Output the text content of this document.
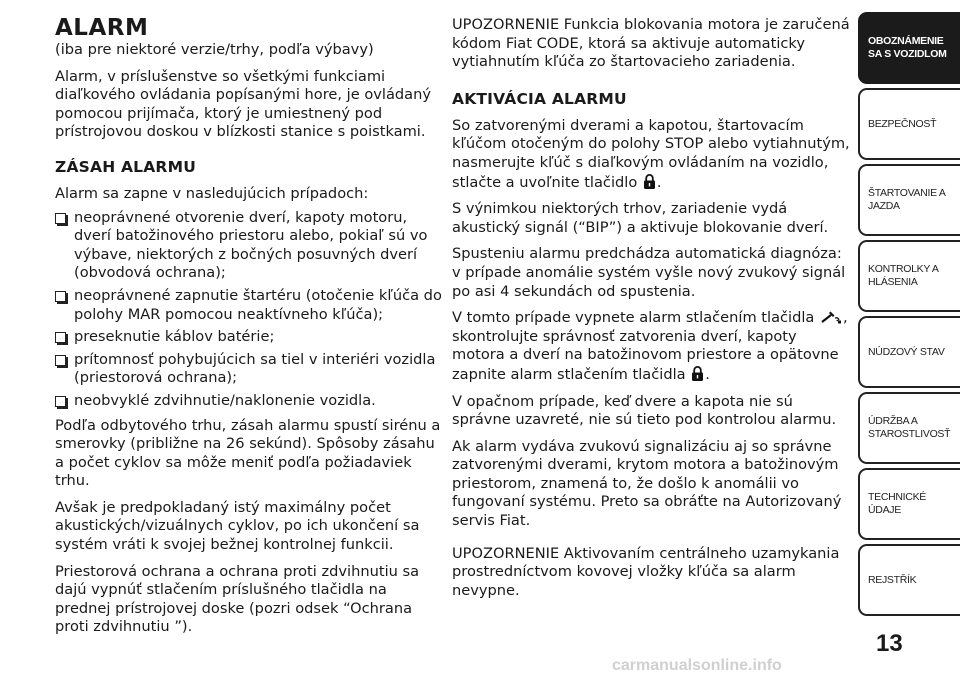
ALARM

(iba pre niektoré verzie/trhy, podľa výbavy)

Alarm, v príslušenstve so všetkými funkciami diaľkového ovládania popísanými hore, je ovládaný pomocou prijímača, ktorý je umiestnený pod prístrojovou doskou v blízkosti stanice s poistkami.

ZÁSAH ALARMU

Alarm sa zapne v nasledujúcich prípadoch:

neoprávnené otvorenie dverí, kapoty motoru, dverí batožinového priestoru alebo, pokiaľ sú vo výbave, niektorých z bočných posuvných dverí (obvodová ochrana);
neoprávnené zapnutie štartéru (otočenie kľúča do polohy MAR pomocou neaktívneho kľúča);
preseknutie káblov batérie;
prítomnosť pohybujúcich sa tiel v interiéri vozidla (priestorová ochrana);
neobvyklé zdvihnutie/naklonenie vozidla.

Podľa odbytového trhu, zásah alarmu spustí sirénu a smerovky (približne na 26 sekúnd). Spôsoby zásahu a počet cyklov sa môže meniť podľa požiadaviek trhu.

Avšak je predpokladaný istý maximálny počet akustických/vizuálnych cyklov, po ich ukončení sa systém vráti k svojej bežnej kontrolnej funkcii.

Priestorová ochrana a ochrana proti zdvihnutiu sa dajú vypnúť stlačením príslušného tlačidla na prednej prístrojovej doske (pozri odsek “Ochrana proti zdvihnutiu ”).

UPOZORNENIE Funkcia blokovania motora je zaručená kódom Fiat CODE, ktorá sa aktivuje automaticky vytiahnutím kľúča zo štartovacieho zariadenia.

AKTIVÁCIA ALARMU

So zatvorenými dverami a kapotou, štartovacím kľúčom otočeným do polohy STOP alebo vytiahnutým, nasmerujte kľúč s diaľkovým ovládaním na vozidlo, stlačte a uvoľnite tlačidlo .

S výnimkou niektorých trhov, zariadenie vydá akustický signál (“BIP”) a aktivuje blokovanie dverí.

Spusteniu alarmu predchádza automatická diagnóza: v prípade anomálie systém vyšle nový zvukový signál po asi 4 sekundách od spustenia.

V tomto prípade vypnete alarm stlačením tlačidla , skontrolujte správnosť zatvorenia dverí, kapoty motora a dverí na batožinovom priestore a opätovne zapnite alarm stlačením tlačidla .

V opačnom prípade, keď dvere a kapota nie sú správne uzavreté, nie sú tieto pod kontrolou alarmu.

Ak alarm vydáva zvukovú signalizáciu aj so správne zatvorenými dverami, krytom motora a batožinovým priestorom, znamená to, že došlo k anomálii vo fungovaní systému. Preto sa obráťte na Autorizovaný servis Fiat.

UPOZORNENIE Aktivovaním centrálneho uzamykania prostredníctvom kovovej vložky kľúča sa alarm nevypne.

OBOZNÁMENIE SA S VOZIDLOM
BEZPEČNOSŤ
ŠTARTOVANIE A JAZDA
KONTROLKY A HLÁSENIA
NÚDZOVÝ STAV
ÚDRŽBA A STAROSTLIVOSŤ
TECHNICKÉ ÚDAJE
REJSTŘÍK
13
carmanualsonline.info
